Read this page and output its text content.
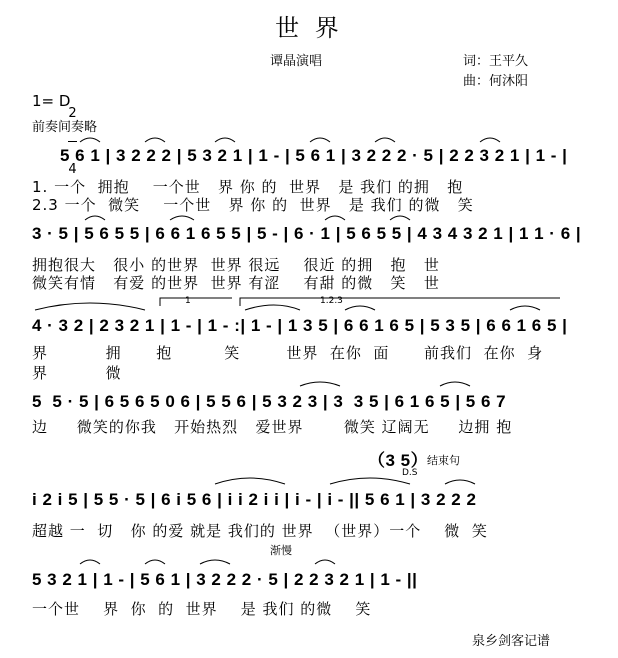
世 界
谭晶演唱	词：王平久
曲：何沐阳
1= D

2

4

前奏间奏略
5 6 1 | 3 2 2 2 | 5 3 2 1 | 1 - | 5 6 1 | 3 2 2 2 · 5 | 2 2 3 2 1 | 1 - |
1. 一个  拥抱    一个世   界 你 的  世界   是 我们 的拥   抱
2.3 一个  微笑    一个世   界 你 的  世界   是 我们 的微   笑
3 · 5 | 5 6 5 5 | 6 6 1 6 5 5 | 5 - | 6 · 1 | 5 6 5 5 | 4 3 4 3 2 1 | 1 1 · 6 |
拥抱很大   很小 的世界  世界 很远    很近 的拥   抱   世
微笑有情   有爱 的世界  世界 有涩    有甜 的微   笑   世
1	1.2.3
4 · 3 2 | 2 3 2 1 | 1 - | 1 - :| 1 - | 1 3 5 | 6 6 1 6 5 | 5 3 5 | 6 6 1 6 5 |
界          拥      抱         笑        世界  在你  面      前我们  在你  身
界          微
5  5 · 5 | 6 5 6 5 0 6 | 5 5 6 | 5 3 2 3 | 3  3 5 | 6 1 6 5 | 5 6 7
边     微笑的你我   开始热烈   爱世界       微笑 辽阔无     边拥 抱
（3 5）
结束句
D.S
i 2 i 5 | 5 5 · 5 | 6 i 5 6 | i i 2 i i | i - | i - || 5 6 1 | 3 2 2 2
超越 一  切   你 的爱 就是 我们的 世界  （世界）一个    微  笑
渐慢
5 3 2 1 | 1 - | 5 6 1 | 3 2 2 2 · 5 | 2 2 3 2 1 | 1 - ||
一个世    界  你  的  世界    是 我们 的微    笑
泉乡剑客记谱
